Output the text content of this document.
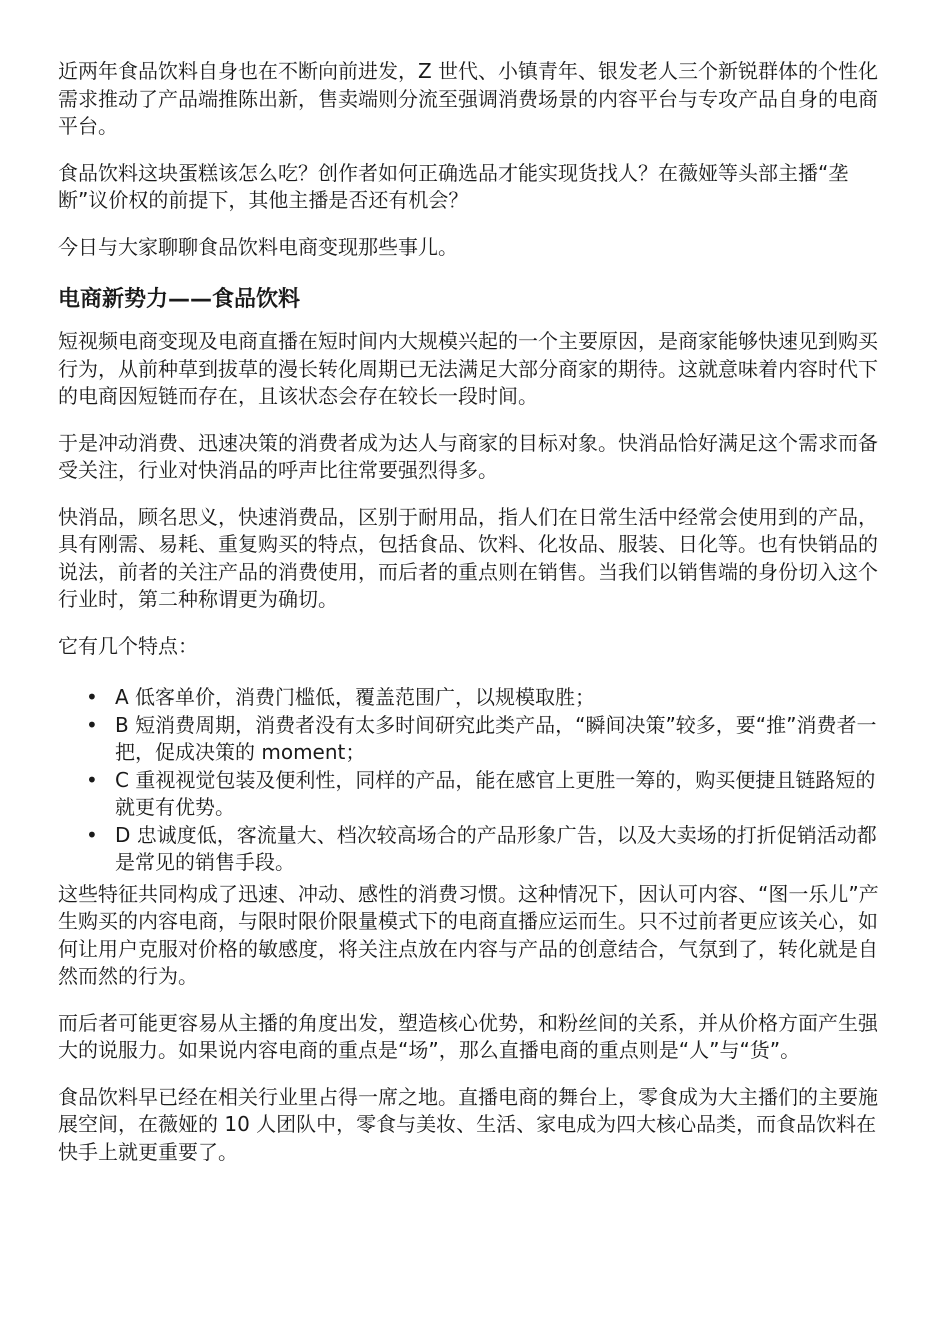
近两年食品饮料自身也在不断向前进发，Z 世代、小镇青年、银发老人三个新锐群体的个性化需求推动了产品端推陈出新，售卖端则分流至强调消费场景的内容平台与专攻产品自身的电商平台。

食品饮料这块蛋糕该怎么吃？创作者如何正确选品才能实现货找人？在薇娅等头部主播“垄断”议价权的前提下，其他主播是否还有机会？

今日与大家聊聊食品饮料电商变现那些事儿。

电商新势力——食品饮料

短视频电商变现及电商直播在短时间内大规模兴起的一个主要原因，是商家能够快速见到购买行为，从前种草到拔草的漫长转化周期已无法满足大部分商家的期待。这就意味着内容时代下的电商因短链而存在，且该状态会存在较长一段时间。

于是冲动消费、迅速决策的消费者成为达人与商家的目标对象。快消品恰好满足这个需求而备受关注，行业对快消品的呼声比往常要强烈得多。

快消品，顾名思义，快速消费品，区别于耐用品，指人们在日常生活中经常会使用到的产品，具有刚需、易耗、重复购买的特点，包括食品、饮料、化妆品、服装、日化等。也有快销品的说法，前者的关注产品的消费使用，而后者的重点则在销售。当我们以销售端的身份切入这个行业时，第二种称谓更为确切。

它有几个特点：

• A 低客单价，消费门槛低，覆盖范围广，以规模取胜；
• B 短消费周期，消费者没有太多时间研究此类产品，“瞬间决策”较多，要“推”消费者一把，促成决策的 moment；
• C 重视视觉包装及便利性，同样的产品，能在感官上更胜一筹的，购买便捷且链路短的就更有优势。
• D 忠诚度低，客流量大、档次较高场合的产品形象广告，以及大卖场的打折促销活动都是常见的销售手段。

这些特征共同构成了迅速、冲动、感性的消费习惯。这种情况下，因认可内容、“图一乐儿”产生购买的内容电商，与限时限价限量模式下的电商直播应运而生。只不过前者更应该关心，如何让用户克服对价格的敏感度，将关注点放在内容与产品的创意结合，气氛到了，转化就是自然而然的行为。

而后者可能更容易从主播的角度出发，塑造核心优势，和粉丝间的关系，并从价格方面产生强大的说服力。如果说内容电商的重点是“场”，那么直播电商的重点则是“人”与“货”。

食品饮料早已经在相关行业里占得一席之地。直播电商的舞台上，零食成为大主播们的主要施展空间，在薇娅的 10 人团队中，零食与美妆、生活、家电成为四大核心品类，而食品饮料在快手上就更重要了。
